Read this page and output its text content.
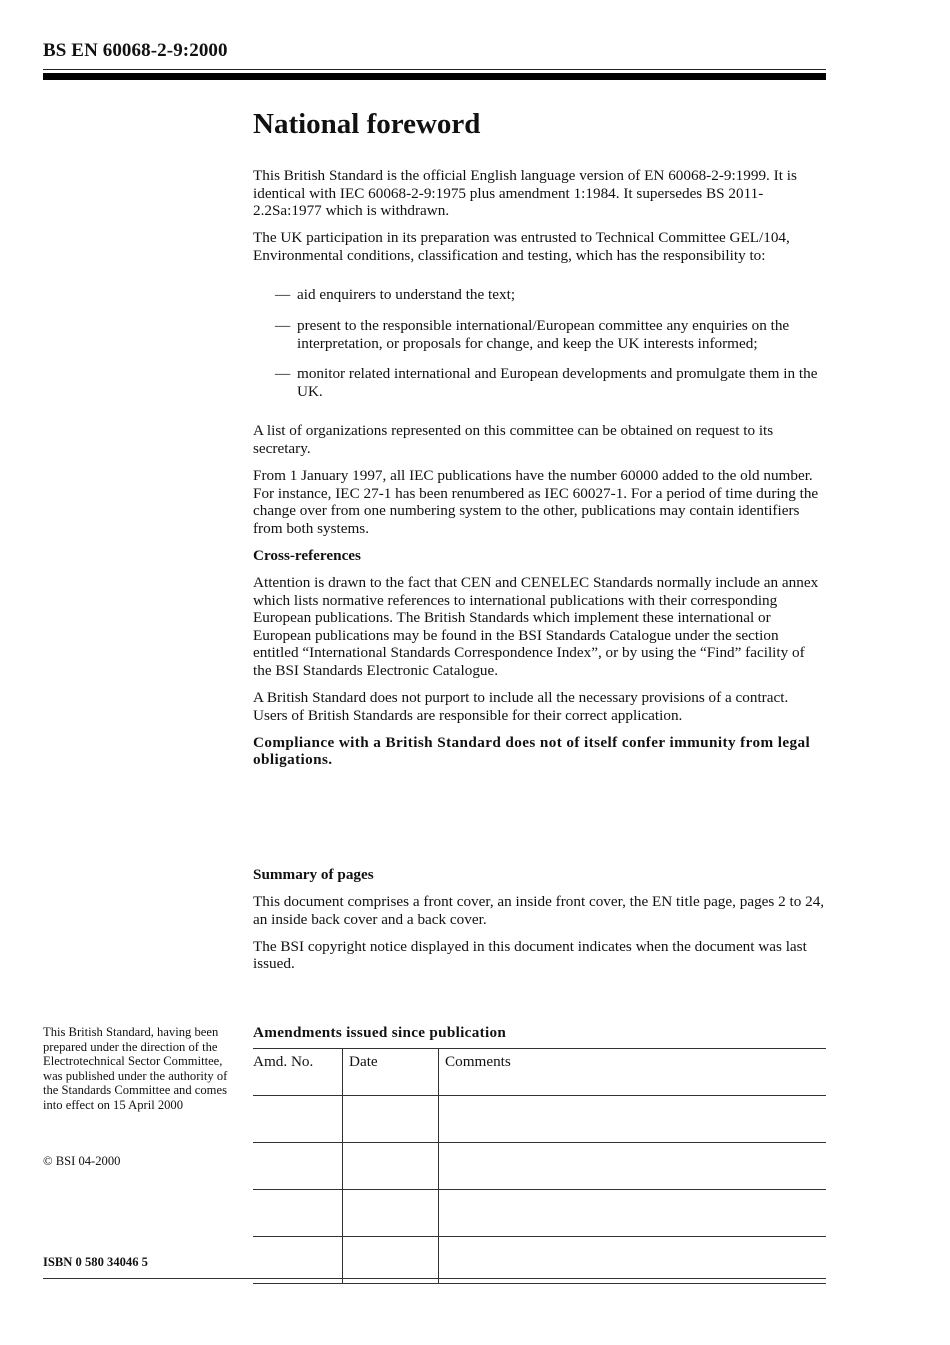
BS EN 60068-2-9:2000
National foreword

This British Standard is the official English language version of EN 60068-2-9:1999. It is identical with IEC 60068-2-9:1975 plus amendment 1:1984. It supersedes BS 2011-2.2Sa:1977 which is withdrawn.

The UK participation in its preparation was entrusted to Technical Committee GEL/104, Environmental conditions, classification and testing, which has the responsibility to:

— aid enquirers to understand the text;
— present to the responsible international/European committee any enquiries on the interpretation, or proposals for change, and keep the UK interests informed;
— monitor related international and European developments and promulgate them in the UK.

A list of organizations represented on this committee can be obtained on request to its secretary.

From 1 January 1997, all IEC publications have the number 60000 added to the old number. For instance, IEC 27-1 has been renumbered as IEC 60027-1. For a period of time during the change over from one numbering system to the other, publications may contain identifiers from both systems.

Cross-references

Attention is drawn to the fact that CEN and CENELEC Standards normally include an annex which lists normative references to international publications with their corresponding European publications. The British Standards which implement these international or European publications may be found in the BSI Standards Catalogue under the section entitled “International Standards Correspondence Index”, or by using the “Find” facility of the BSI Standards Electronic Catalogue.

A British Standard does not purport to include all the necessary provisions of a contract. Users of British Standards are responsible for their correct application.

Compliance with a British Standard does not of itself confer immunity from legal obligations.

Summary of pages

This document comprises a front cover, an inside front cover, the EN title page, pages 2 to 24, an inside back cover and a back cover.

The BSI copyright notice displayed in this document indicates when the document was last issued.

This British Standard, having been prepared under the direction of the Electrotechnical Sector Committee, was published under the authority of the Standards Committee and comes into effect on 15 April 2000
© BSI 04-2000
ISBN 0 580 34046 5
Amendments issued since publication
Amd. No.	Date	Comments
